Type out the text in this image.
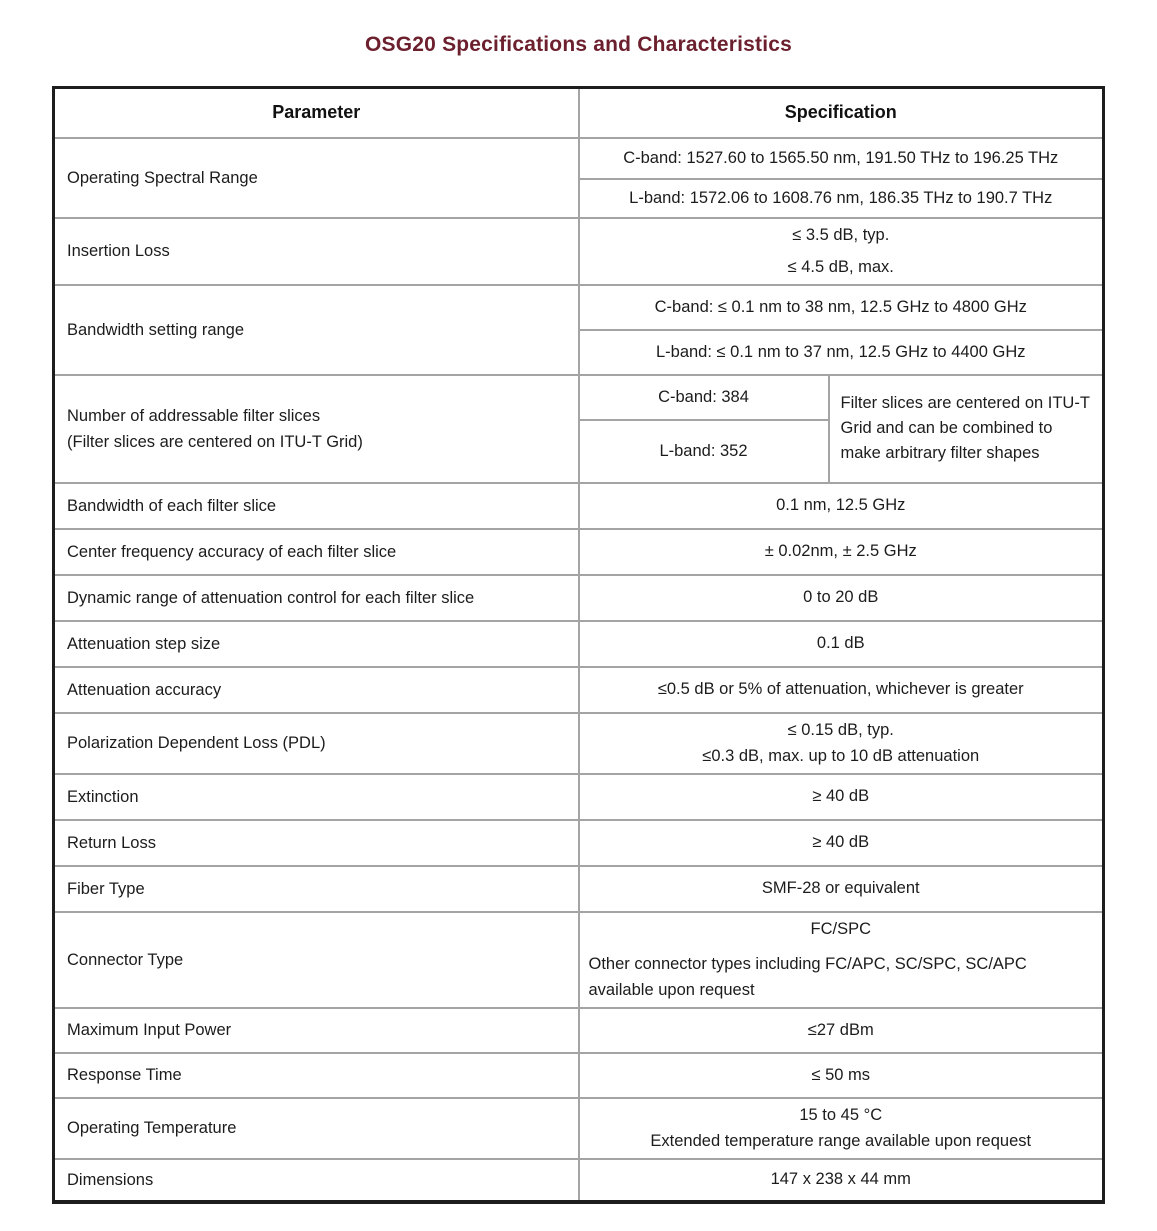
OSG20 Specifications and Characteristics
Parameter	Specification	
Operating Spectral Range	C-band: 1527.60 to 1565.50 nm, 191.50 THz to 196.25 THz	
	L-band: 1572.06 to 1608.76 nm, 186.35 THz to 190.7 THz	
Insertion Loss	≤ 3.5 dB, typ.
≤ 4.5 dB, max.	

Bandwidth setting range	C-band: ≤ 0.1 nm to 38 nm, 12.5 GHz to 4800 GHz	
	L-band: ≤ 0.1 nm to 37 nm, 12.5 GHz to 4400 GHz	

Number of addressable filter slices
(Filter slices are centered on ITU-T Grid)	C-band: 384	Filter slices are centered on ITU-T Grid and can be combined to make arbitrary filter shapes
	L-band: 352	
Bandwidth of each filter slice	0.1 nm, 12.5 GHz	
Center frequency accuracy of each filter slice	± 0.02nm, ± 2.5 GHz	
Dynamic range of attenuation control for each filter slice	0 to 20 dB	
Attenuation step size	0.1 dB	
Attenuation accuracy	≤0.5 dB or 5% of attenuation, whichever is greater	
Polarization Dependent Loss (PDL)	≤ 0.15 dB, typ.
≤0.3 dB, max. up to 10 dB attenuation	

Extinction	≥ 40 dB	
Return Loss	≥ 40 dB	
Fiber Type	SMF-28 or equivalent	
Connector Type	FC/SPC
Other connector types including FC/APC, SC/SPC, SC/APC available upon request	

Maximum Input Power	≤27 dBm	
Response Time	≤ 50 ms	
Operating Temperature	15 to 45 °C
Extended temperature range available upon request	

Dimensions	147 x 238 x 44 mm	
